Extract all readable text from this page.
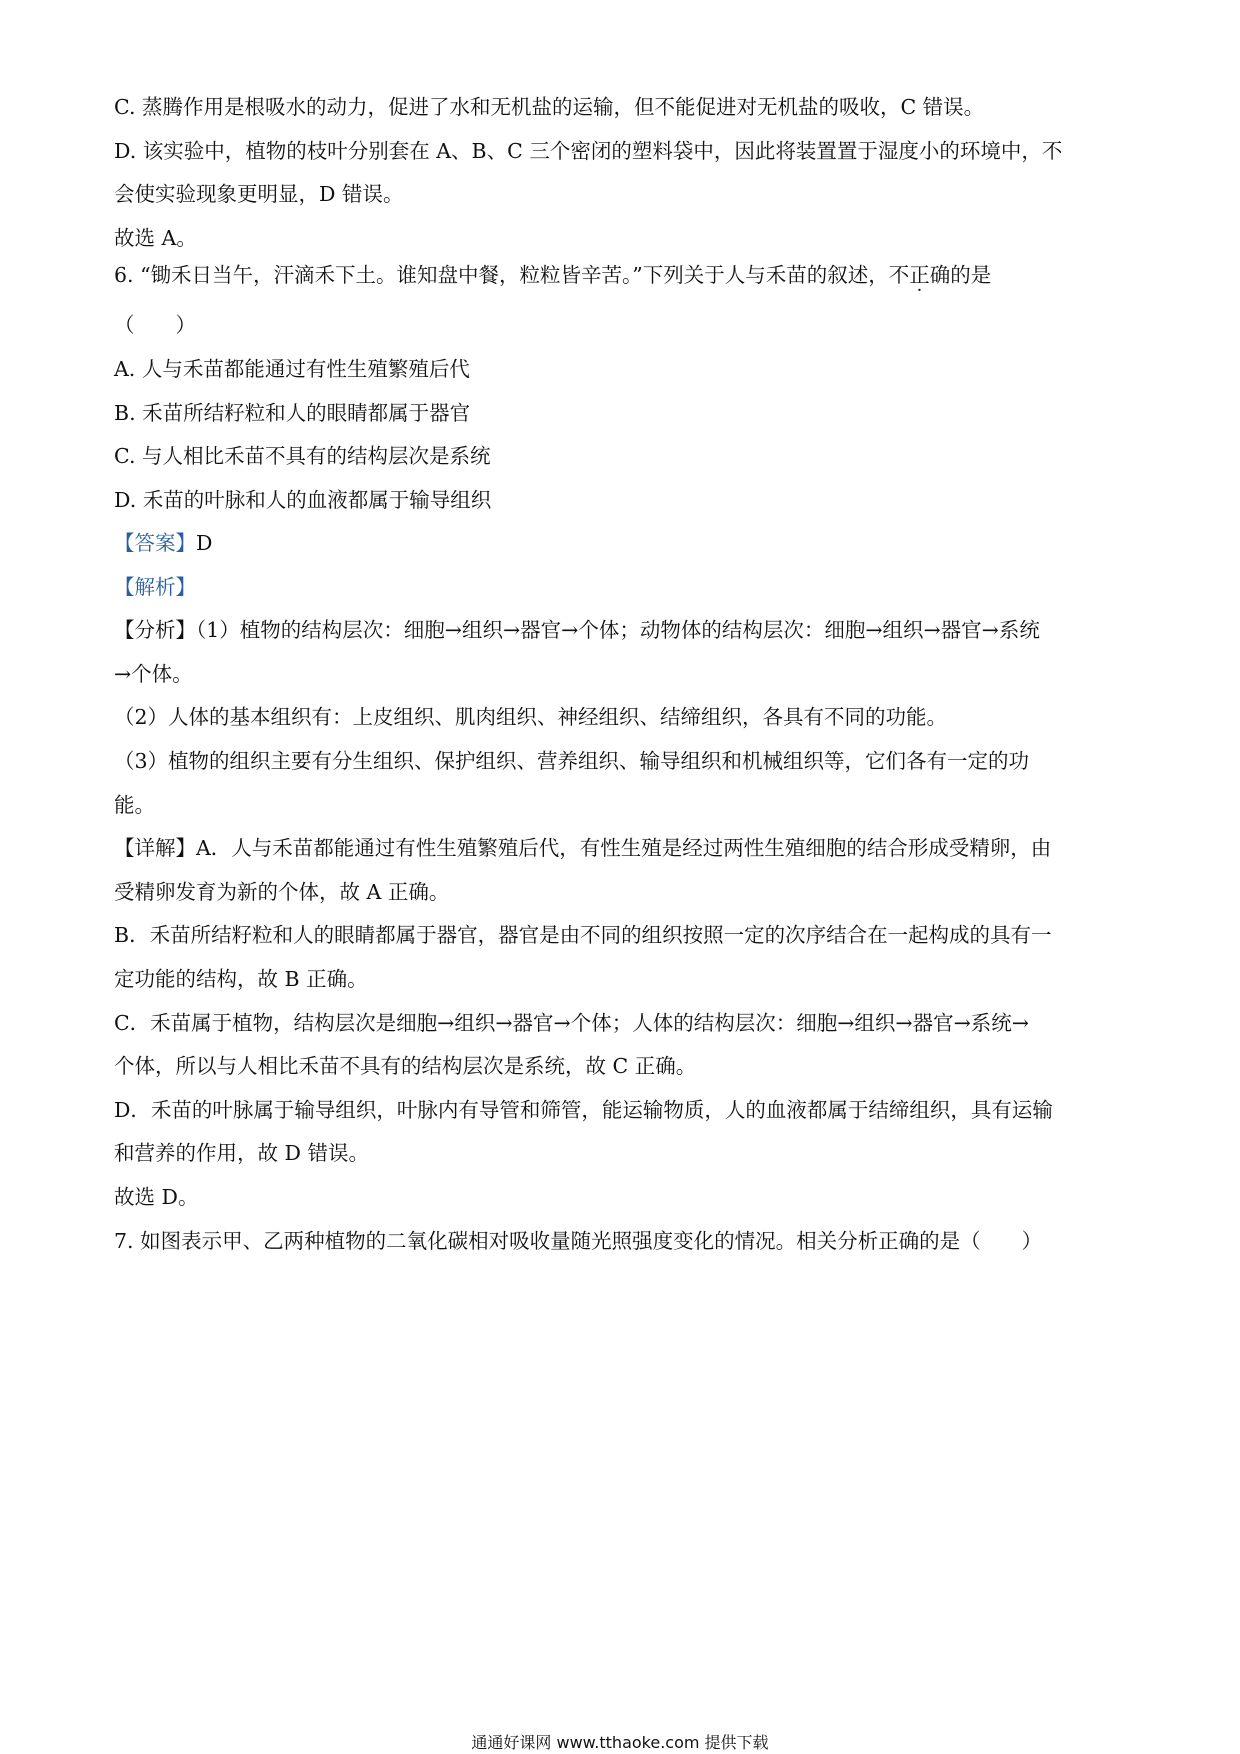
C. 蒸腾作用是根吸水的动力，促进了水和无机盐的运输，但不能促进对无机盐的吸收，C 错误。
D. 该实验中，植物的枝叶分别套在 A、B、C 三个密闭的塑料袋中，因此将装置置于湿度小的环境中，不
会使实验现象更明显，D 错误。
故选 A。
6. “锄禾日当午，汗滴禾下土。谁知盘中餐，粒粒皆辛苦。”下列关于人与禾苗的叙述，不正确的是
（　　）
A. 人与禾苗都能通过有性生殖繁殖后代
B. 禾苗所结籽粒和人的眼睛都属于器官
C. 与人相比禾苗不具有的结构层次是系统
D. 禾苗的叶脉和人的血液都属于输导组织
【答案】D
【解析】
【分析】（1）植物的结构层次：细胞→组织→器官→个体；动物体的结构层次：细胞→组织→器官→系统
→个体。
（2）人体的基本组织有：上皮组织、肌肉组织、神经组织、结缔组织，各具有不同的功能。
（3）植物的组织主要有分生组织、保护组织、营养组织、输导组织和机械组织等，它们各有一定的功
能。
【详解】A．人与禾苗都能通过有性生殖繁殖后代，有性生殖是经过两性生殖细胞的结合形成受精卵，由
受精卵发育为新的个体，故 A 正确。
B．禾苗所结籽粒和人的眼睛都属于器官，器官是由不同的组织按照一定的次序结合在一起构成的具有一
定功能的结构，故 B 正确。
C．禾苗属于植物，结构层次是细胞→组织→器官→个体；人体的结构层次：细胞→组织→器官→系统→
个体，所以与人相比禾苗不具有的结构层次是系统，故 C 正确。
D．禾苗的叶脉属于输导组织，叶脉内有导管和筛管，能运输物质，人的血液都属于结缔组织，具有运输
和营养的作用，故 D 错误。
故选 D。
7. 如图表示甲、乙两种植物的二氧化碳相对吸收量随光照强度变化的情况。相关分析正确的是（　　）
通通好课网 www.tthaoke.com 提供下载
